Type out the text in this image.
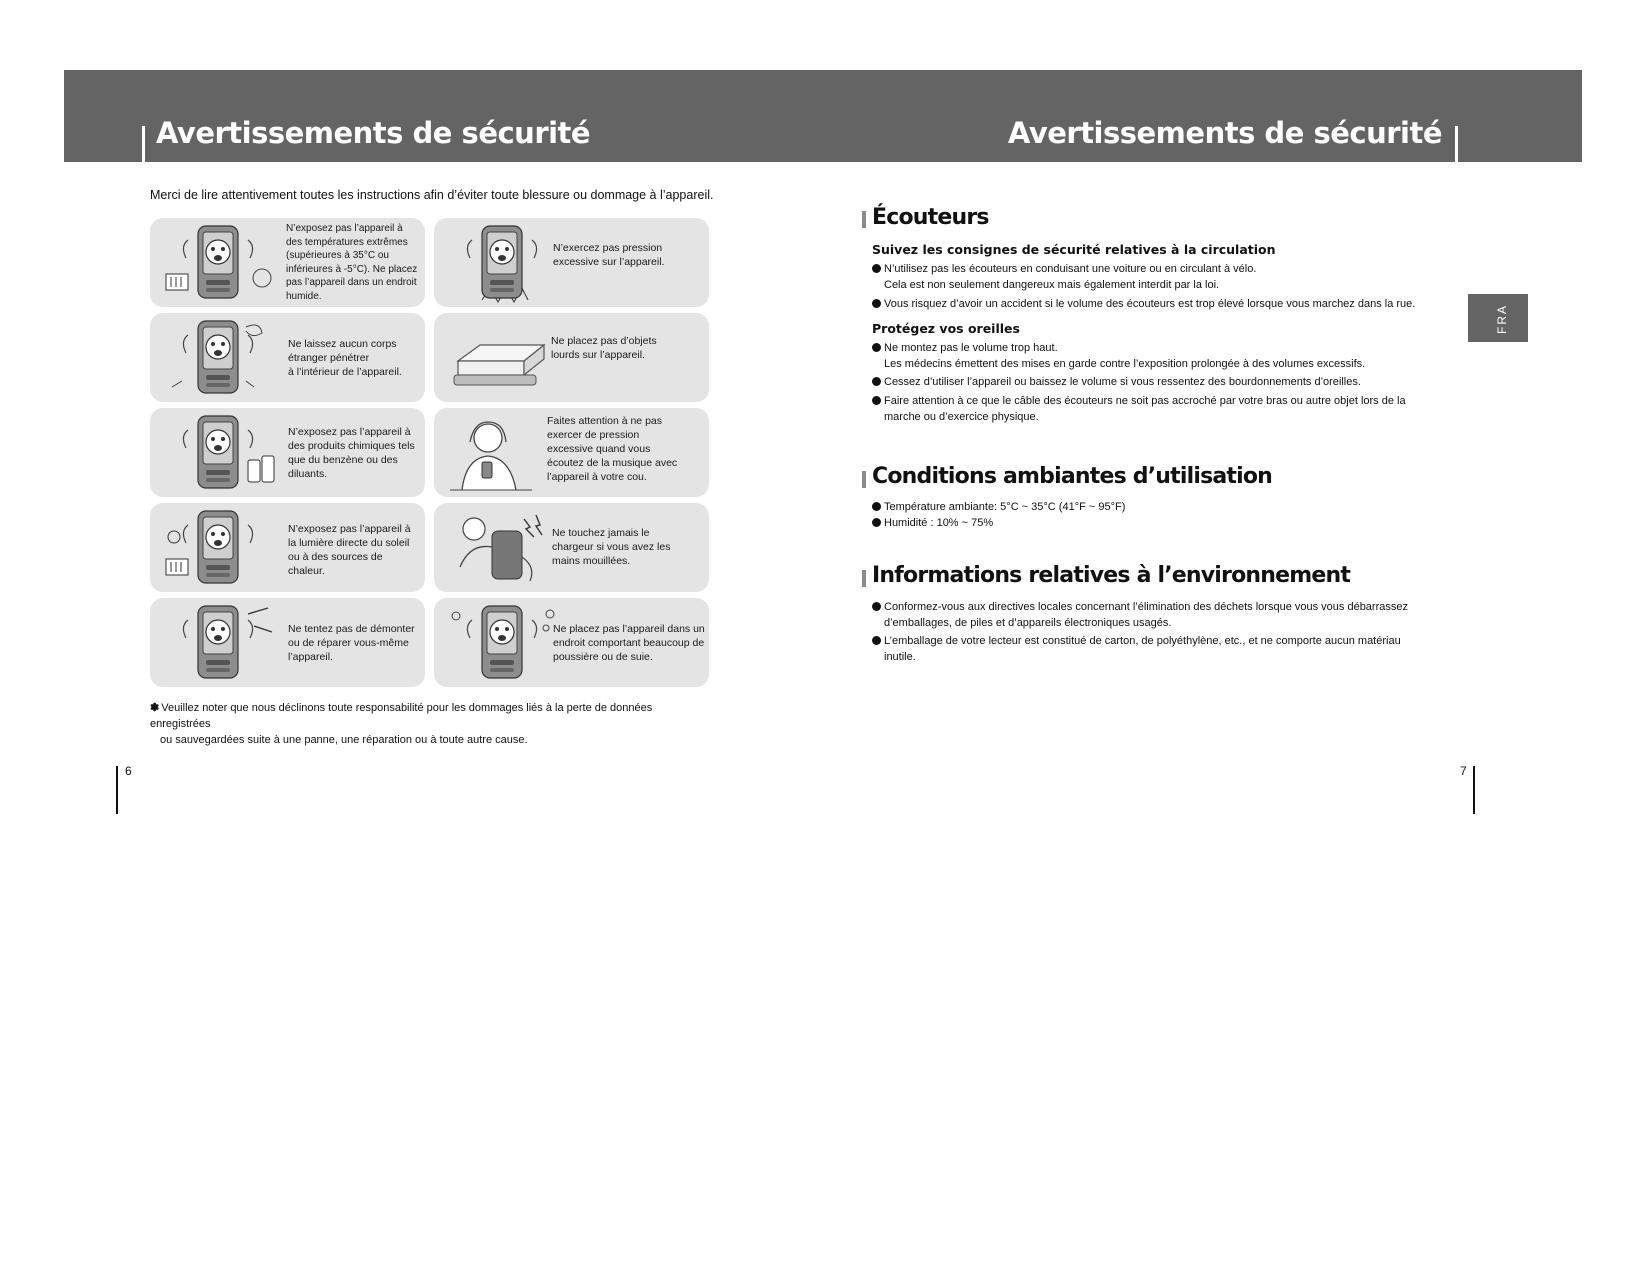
Avertissements de sécurité	Avertissements de sécurité
Merci de lire attentivement toutes les instructions afin d’éviter toute blessure ou dommage à l’appareil.
N’exposez pas l’appareil à
des températures extrêmes
(supérieures à 35°C ou
inférieures à -5°C). Ne placez
pas l’appareil dans un endroit
humide.
N’exercez pas pression
excessive sur l’appareil.
Ne laissez aucun corps
étranger pénétrer
à l’intérieur de l’appareil.
Ne placez pas d’objets
lourds sur l’appareil.
N’exposez pas l’appareil à
des produits chimiques tels
que du benzène ou des
diluants.
Faites attention à ne pas
exercer de pression
excessive quand vous
écoutez de la musique avec
l’appareil à votre cou.
N’exposez pas l’appareil à
la lumière directe du soleil
ou à des sources de
chaleur.
Ne touchez jamais le
chargeur si vous avez les
mains mouillées.
Ne tentez pas de démonter
ou de réparer vous-même
l’appareil.
Ne placez pas l’appareil dans un
endroit comportant beaucoup de
poussière ou de suie.
✽ Veuillez noter que nous déclinons toute responsabilité pour les dommages liés à la perte de données enregistrées
ou sauvegardées suite à une panne, une réparation ou à toute autre cause.
6	7
FRA
Écouteurs
Suivez les consignes de sécurité relatives à la circulation
N’utilisez pas les écouteurs en conduisant une voiture ou en circulant à vélo.
Cela est non seulement dangereux mais également interdit par la loi.
Vous risquez d’avoir un accident si le volume des écouteurs est trop élevé lorsque vous marchez dans la rue.
Protégez vos oreilles
Ne montez pas le volume trop haut.
Les médecins émettent des mises en garde contre l’exposition prolongée à des volumes excessifs.
Cessez d’utiliser l’appareil ou baissez le volume si vous ressentez des bourdonnements d’oreilles.
Faire attention à ce que le câble des écouteurs ne soit pas accroché par votre bras ou autre objet lors de la
marche ou d’exercice physique.
Conditions ambiantes d’utilisation
Température ambiante: 5°C ~ 35°C (41°F ~ 95°F)
Humidité : 10% ~ 75%
Informations relatives à l’environnement
Conformez-vous aux directives locales concernant l’élimination des déchets lorsque vous vous débarrassez
d’emballages, de piles et d’appareils électroniques usagés.
L’emballage de votre lecteur est constitué de carton, de polyéthylène, etc., et ne comporte aucun matériau
inutile.
